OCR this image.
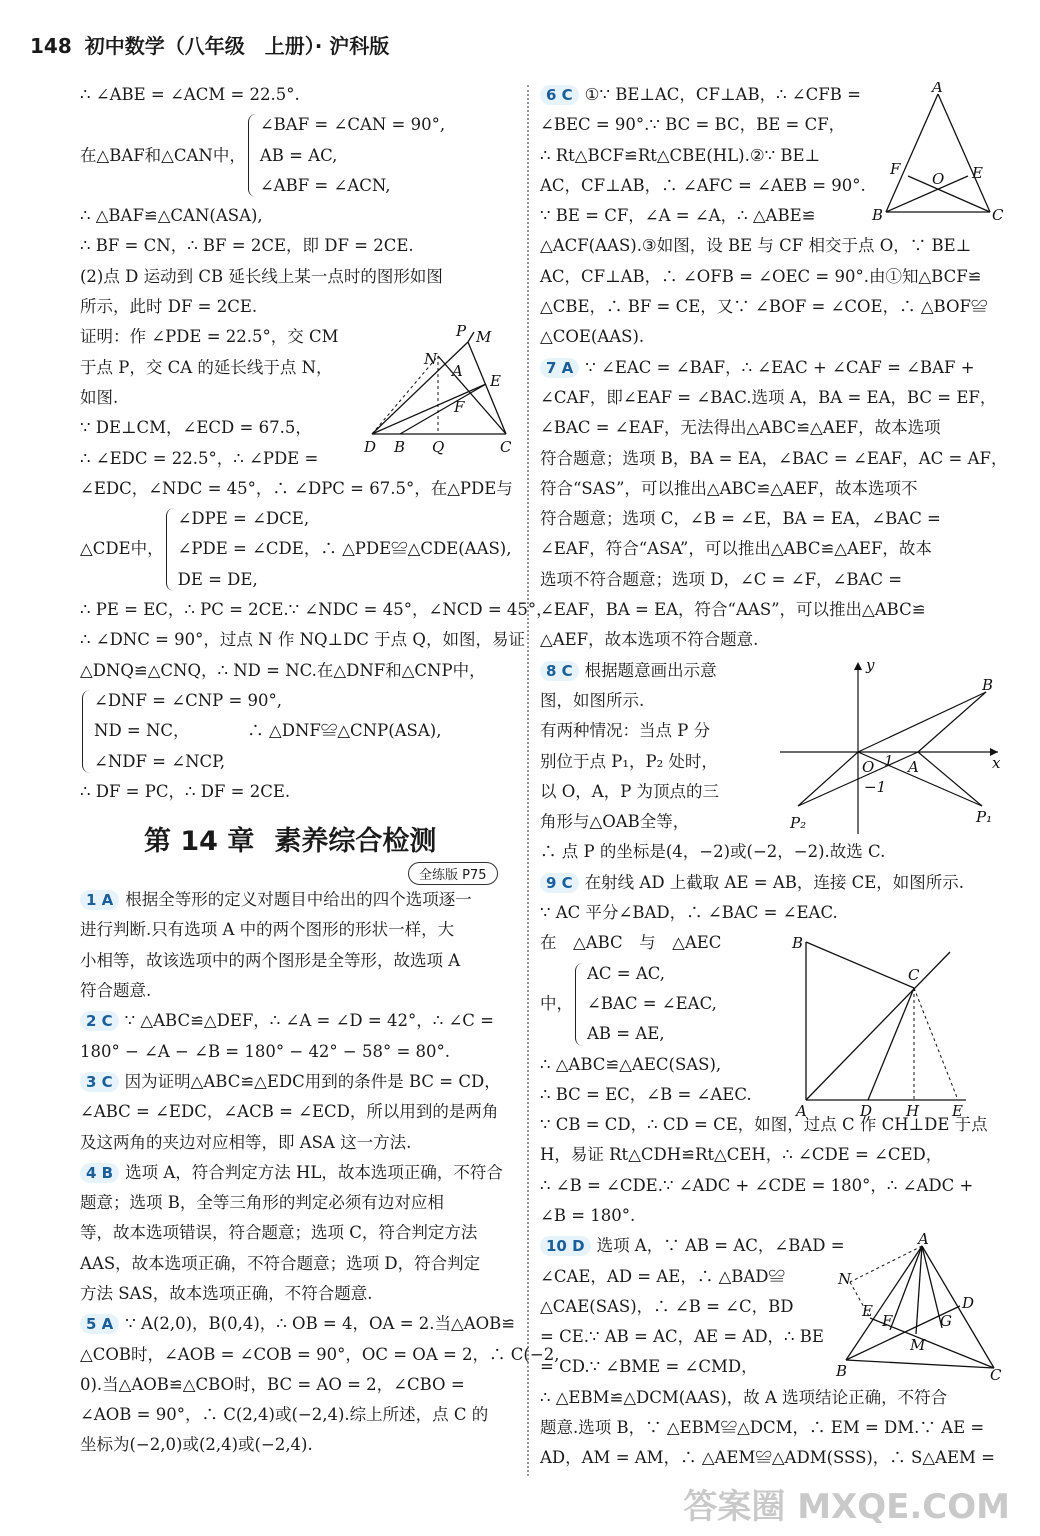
148 初中数学（八年级　上册）· 沪科版
∴ ∠ABE = ∠ACM = 22.5°.
在△BAF和△CAN中，
∠BAF = ∠CAN = 90°,
AB = AC,
∠ABF = ∠ACN,
∴ △BAF≌△CAN(ASA),
∴ BF = CN，∴ BF = 2CE，即 DF = 2CE.
(2)点 D 运动到 CB 延长线上某一点时的图形如图
所示，此时 DF = 2CE.
证明：作 ∠PDE = 22.5°，交 CM
于点 P，交 CA 的延长线于点 N，
如图.
∵ DE⊥CM，∠ECD = 67.5，
∴ ∠EDC = 22.5°，∴ ∠PDE =
∠EDC，∠NDC = 45°，∴ ∠DPC = 67.5°，在△PDE与
△CDE中，
∠DPE = ∠DCE,
∠PDE = ∠CDE，∴ △PDE≌△CDE(AAS),
DE = DE,
∴ PE = EC，∴ PC = 2CE.∵ ∠NDC = 45°，∠NCD = 45°，
∴ ∠DNC = 90°，过点 N 作 NQ⊥DC 于点 Q，如图，易证
△DNQ≌△CNQ，∴ ND = NC.在△DNF和△CNP中，
∠DNF = ∠CNP = 90°,
ND = NC，　　　　∴ △DNF≌△CNP(ASA),
∠NDF = ∠NCP,
∴ DF = PC，∴ DF = 2CE.
第 14 章 素养综合检测
全练版 P75
1 A 根据全等形的定义对题目中给出的四个选项逐一
进行判断.只有选项 A 中的两个图形的形状一样，大
小相等，故该选项中的两个图形是全等形，故选项 A
符合题意.
2 C ∵ △ABC≌△DEF，∴ ∠A = ∠D = 42°，∴ ∠C =
180° − ∠A − ∠B = 180° − 42° − 58° = 80°.
3 C 因为证明△ABC≌△EDC用到的条件是 BC = CD，
∠ABC = ∠EDC，∠ACB = ∠ECD，所以用到的是两角
及这两角的夹边对应相等，即 ASA 这一方法.
4 B 选项 A，符合判定方法 HL，故本选项正确，不符合
题意；选项 B，全等三角形的判定必须有边对应相
等，故本选项错误，符合题意；选项 C，符合判定方法
AAS，故本选项正确，不符合题意；选项 D，符合判定
方法 SAS，故本选项正确，不符合题意.
5 A ∵ A(2,0)，B(0,4)，∴ OB = 4，OA = 2.当△AOB≌
△COB时，∠AOB = ∠COB = 90°，OC = OA = 2，∴ C(−2,
0).当△AOB≌△CBO时，BC = AO = 2，∠CBO =
∠AOB = 90°，∴ C(2,4)或(−2,4).综上所述，点 C 的
坐标为(−2,0)或(2,4)或(−2,4).
P M
N
A
E
F
D B Q	C
6 C ①∵ BE⊥AC，CF⊥AB，∴ ∠CFB =
∠BEC = 90°.∵ BC = BC，BE = CF，
∴ Rt△BCF≌Rt△CBE(HL).②∵ BE⊥
AC，CF⊥AB，∴ ∠AFC = ∠AEB = 90°.
∵ BE = CF，∠A = ∠A，∴ △ABE≌
△ACF(AAS).③如图，设 BE 与 CF 相交于点 O，∵ BE⊥
AC，CF⊥AB，∴ ∠OFB = ∠OEC = 90°.由①知△BCF≌
△CBE，∴ BF = CE，又∵ ∠BOF = ∠COE，∴ △BOF≌
△COE(AAS).
7 A ∵ ∠EAC = ∠BAF，∴ ∠EAC + ∠CAF = ∠BAF +
∠CAF，即∠EAF = ∠BAC.选项 A，BA = EA，BC = EF，
∠BAC = ∠EAF，无法得出△ABC≌△AEF，故本选项
符合题意；选项 B，BA = EA，∠BAC = ∠EAF，AC = AF，
符合“SAS”，可以推出△ABC≌△AEF，故本选项不
符合题意；选项 C，∠B = ∠E，BA = EA，∠BAC =
∠EAF，符合“ASA”，可以推出△ABC≌△AEF，故本
选项不符合题意；选项 D，∠C = ∠F，∠BAC =
∠EAF，BA = EA，符合“AAS”，可以推出△ABC≌
△AEF，故本选项不符合题意.
8 C 根据题意画出示意
图，如图所示.
有两种情况：当点 P 分
别位于点 P₁，P₂ 处时，
以 O，A，P 为顶点的三
角形与△OAB全等，
∴ 点 P 的坐标是(4，−2)或(−2，−2).故选 C.
9 C 在射线 AD 上截取 AE = AB，连接 CE，如图所示.
∵ AC 平分∠BAD，∴ ∠BAC = ∠EAC.
在　△ABC　与　△AEC
中，
AC = AC,
∠BAC = ∠EAC,
AB = AE,
∴ △ABC≌△AEC(SAS),
∴ BC = EC，∠B = ∠AEC.
∵ CB = CD，∴ CD = CE，如图，过点 C 作 CH⊥DE 于点
H，易证 Rt△CDH≌Rt△CEH，∴ ∠CDE = ∠CED，
∴ ∠B = ∠CDE.∵ ∠ADC + ∠CDE = 180°，∴ ∠ADC +
∠B = 180°.
10 D 选项 A，∵ AB = AC，∠BAD =
∠CAE，AD = AE，∴ △BAD≌
△CAE(SAS)，∴ ∠B = ∠C，BD
= CE.∵ AB = AC，AE = AD，∴ BE
= CD.∵ ∠BME = ∠CMD，
∴ △EBM≌△DCM(AAS)，故 A 选项结论正确，不符合
题意.选项 B，∵ △EBM≌△DCM，∴ EM = DM.∵ AE =
AD，AM = AM，∴ △AEM≌△ADM(SSS)，∴ S△AEM =
A
F
O E
B	C
y
B
O 1 A	x
−1
P₂	P₁
B
C
A	D H E
A
N
E
F	G
D
M
B	C
答案圈 MXQE.COM
